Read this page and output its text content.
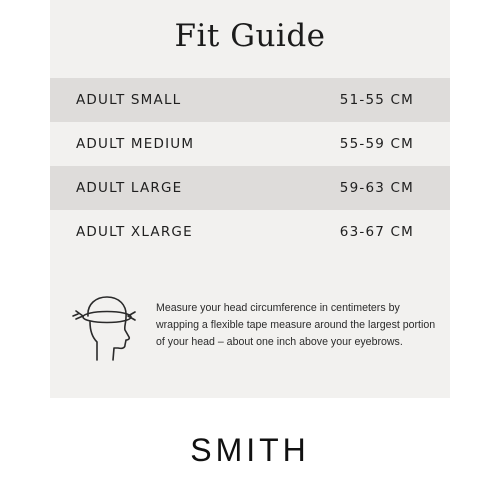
Fit Guide
ADULT SMALL	51-55 CM
ADULT MEDIUM	55-59 CM
ADULT LARGE	59-63 CM
ADULT XLARGE	63-67 CM
Measure your head circumference in centimeters by wrapping a flexible tape measure around the largest portion of your head – about one inch above your eyebrows.
SMITH
